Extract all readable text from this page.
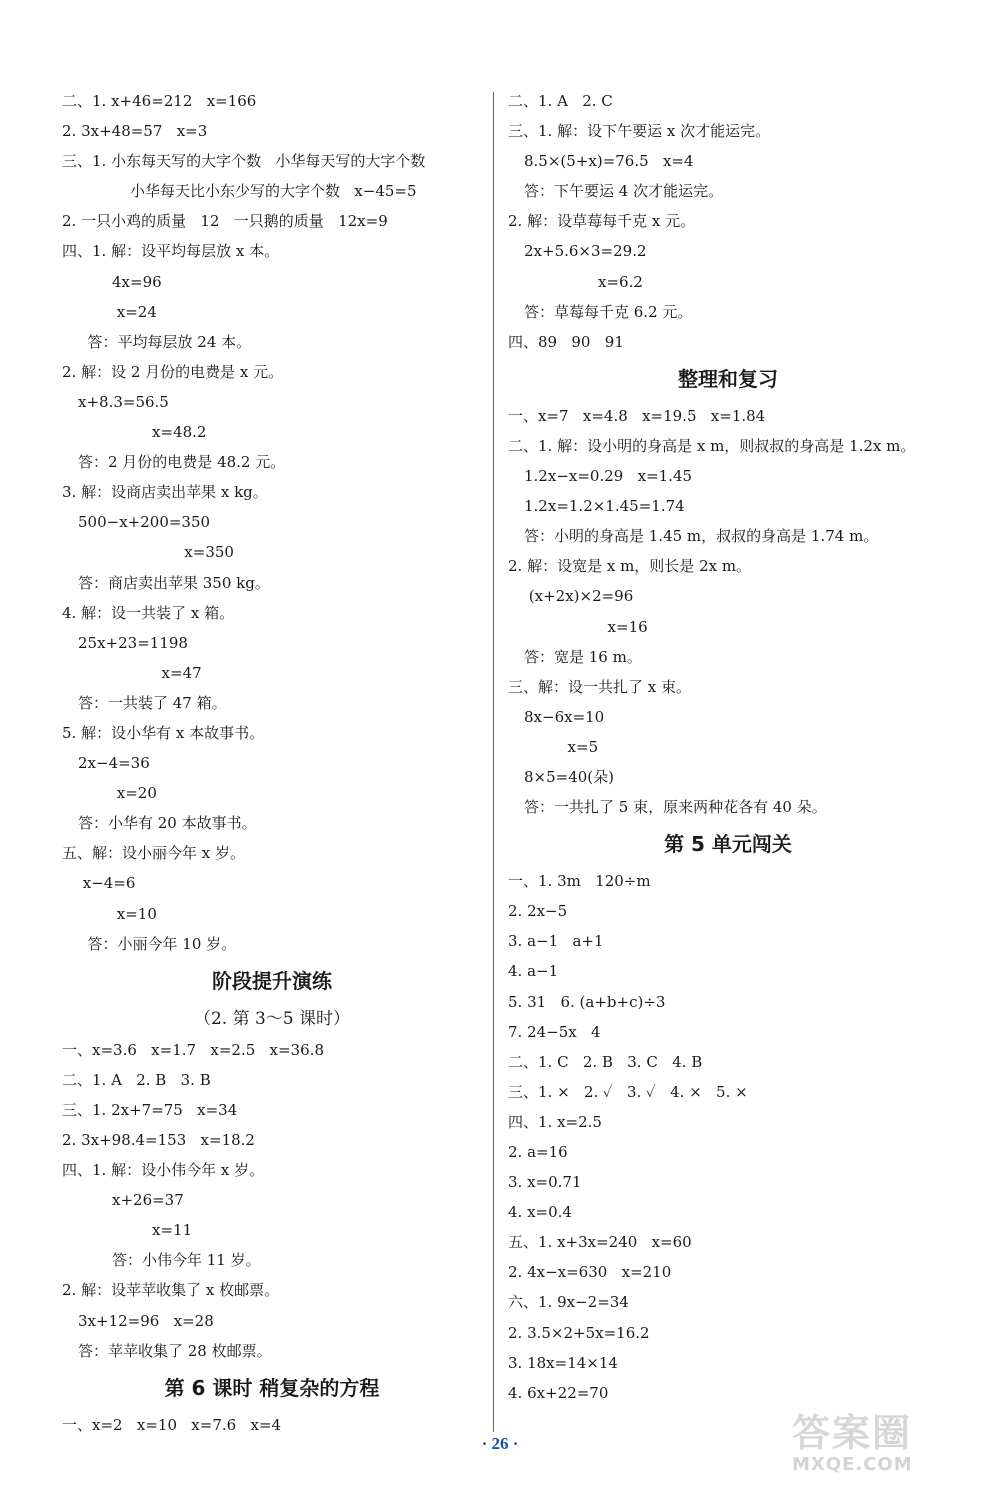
二、1. x+46=212   x=166
2. 3x+48=57   x=3
三、1. 小东每天写的大字个数   小华每天写的大字个数
小华每天比小东少写的大字个数   x−45=5
2. 一只小鸡的质量   12   一只鹅的质量   12x=9
四、1. 解：设平均每层放 x 本。
4x=96
x=24
答：平均每层放 24 本。
2. 解：设 2 月份的电费是 x 元。
x+8.3=56.5
x=48.2
答：2 月份的电费是 48.2 元。
3. 解：设商店卖出苹果 x kg。
500−x+200=350
x=350
答：商店卖出苹果 350 kg。
4. 解：设一共装了 x 箱。
25x+23=1198
x=47
答：一共装了 47 箱。
5. 解：设小华有 x 本故事书。
2x−4=36
x=20
答：小华有 20 本故事书。
五、解：设小丽今年 x 岁。
x−4=6
x=10
答：小丽今年 10 岁。
阶段提升演练
（2. 第 3～5 课时）
一、x=3.6   x=1.7   x=2.5   x=36.8
二、1. A   2. B   3. B
三、1. 2x+7=75   x=34
2. 3x+98.4=153   x=18.2
四、1. 解：设小伟今年 x 岁。
x+26=37
x=11
答：小伟今年 11 岁。
2. 解：设苹苹收集了 x 枚邮票。
3x+12=96   x=28
答：苹苹收集了 28 枚邮票。
第 6 课时 稍复杂的方程
一、x=2   x=10   x=7.6   x=4
二、1. A   2. C
三、1. 解：设下午要运 x 次才能运完。
8.5×(5+x)=76.5   x=4
答：下午要运 4 次才能运完。
2. 解：设草莓每千克 x 元。
2x+5.6×3=29.2
x=6.2
答：草莓每千克 6.2 元。
四、89   90   91
整理和复习
一、x=7   x=4.8   x=19.5   x=1.84
二、1. 解：设小明的身高是 x m，则叔叔的身高是 1.2x m。
1.2x−x=0.29   x=1.45
1.2x=1.2×1.45=1.74
答：小明的身高是 1.45 m，叔叔的身高是 1.74 m。
2. 解：设宽是 x m，则长是 2x m。
(x+2x)×2=96
x=16
答：宽是 16 m。
三、解：设一共扎了 x 束。
8x−6x=10
x=5
8×5=40(朵)
答：一共扎了 5 束，原来两种花各有 40 朵。
第 5 单元闯关
一、1. 3m   120÷m
2. 2x−5
3. a−1   a+1
4. a−1
5. 31   6. (a+b+c)÷3
7. 24−5x   4
二、1. C   2. B   3. C   4. B
三、1. ×   2. ✓   3. ✓   4. ×   5. ×
四、1. x=2.5
2. a=16
3. x=0.71
4. x=0.4
五、1. x+3x=240   x=60
2. 4x−x=630   x=210
六、1. 9x−2=34
2. 3.5×2+5x=16.2
3. 18x=14×14
4. 6x+22=70
· 26 ·	答案圈
MXQE.COM
